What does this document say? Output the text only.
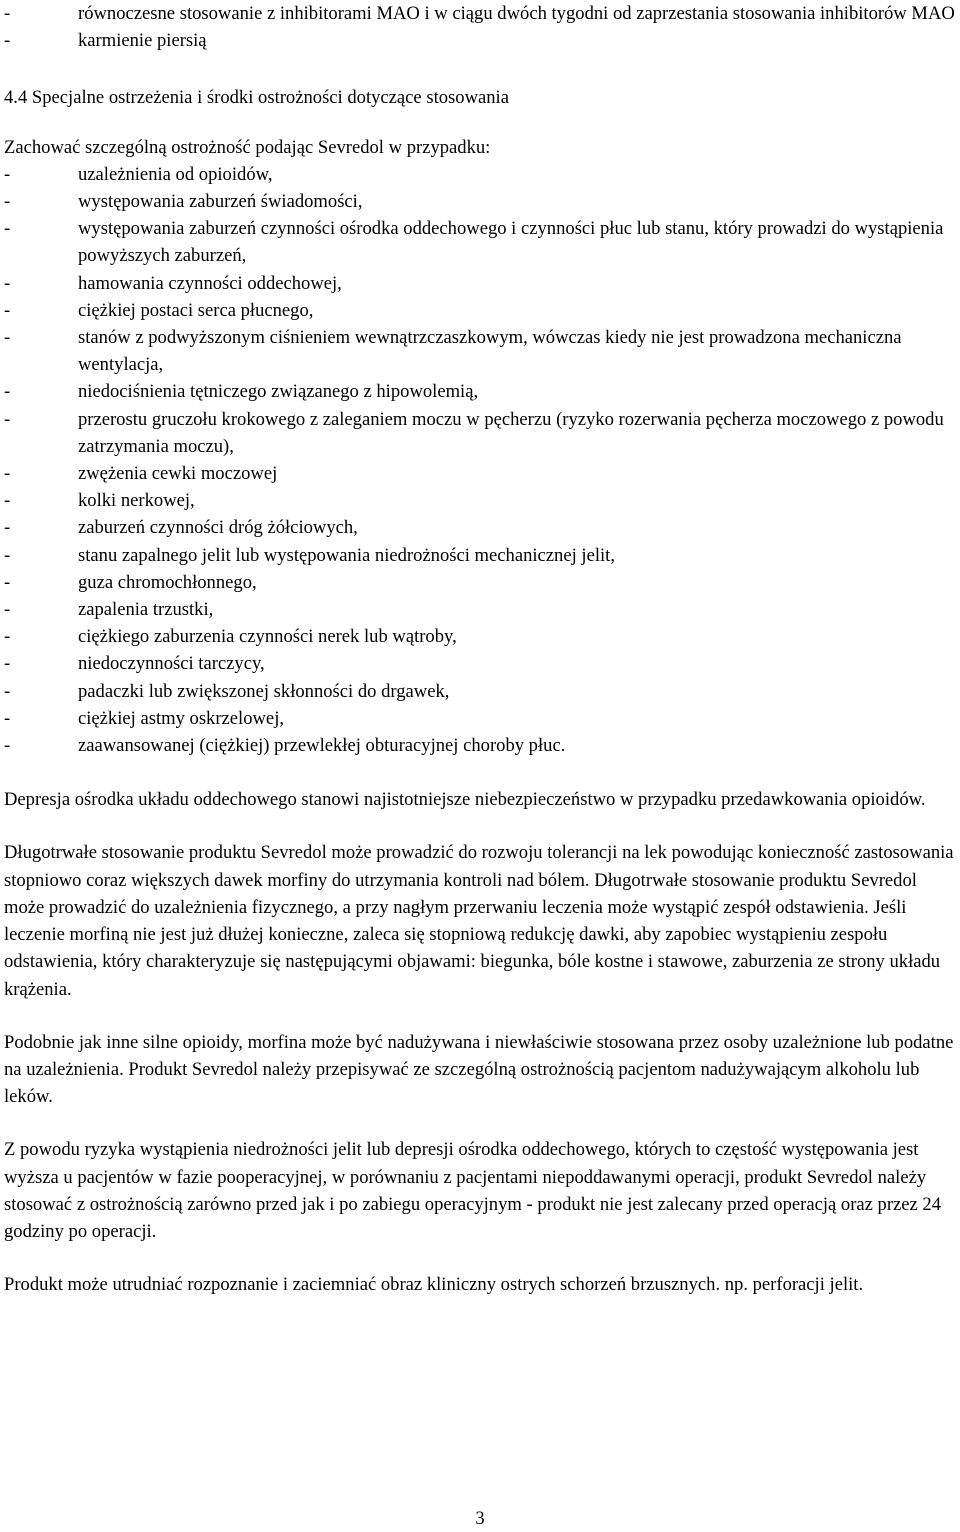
-	równoczesne stosowanie z inhibitorami MAO i w ciągu dwóch tygodni od zaprzestania stosowania inhibitorów MAO
-	karmienie piersią
4.4 Specjalne ostrzeżenia i środki ostrożności dotyczące stosowania
Zachować szczególną ostrożność podając Sevredol w przypadku:
-	uzależnienia od opioidów,
-	występowania zaburzeń świadomości,
-	występowania zaburzeń czynności ośrodka oddechowego i czynności płuc lub stanu, który prowadzi do wystąpienia powyższych zaburzeń,
-	hamowania czynności oddechowej,
-	ciężkiej postaci serca płucnego,
-	stanów z podwyższonym ciśnieniem wewnątrzczaszkowym, wówczas kiedy nie jest prowadzona mechaniczna wentylacja,
-	niedociśnienia tętniczego związanego z hipowolemią,
-	przerostu gruczołu krokowego z zaleganiem moczu w pęcherzu (ryzyko rozerwania pęcherza moczowego z powodu zatrzymania moczu),
-	zwężenia cewki moczowej
-	kolki nerkowej,
-	zaburzeń czynności dróg żółciowych,
-	stanu zapalnego jelit lub występowania niedrożności mechanicznej jelit,
-	guza chromochłonnego,
-	zapalenia trzustki,
-	ciężkiego zaburzenia czynności nerek lub wątroby,
-	niedoczynności tarczycy,
-	padaczki lub zwiększonej skłonności do drgawek,
-	ciężkiej astmy oskrzelowej,
-	zaawansowanej (ciężkiej) przewlekłej obturacyjnej choroby płuc.

Depresja ośrodka układu oddechowego stanowi najistotniejsze niebezpieczeństwo w przypadku przedawkowania opioidów.

Długotrwałe stosowanie produktu Sevredol może prowadzić do rozwoju tolerancji na lek powodując konieczność zastosowania stopniowo coraz większych dawek morfiny do utrzymania kontroli nad bólem. Długotrwałe stosowanie produktu Sevredol może prowadzić do uzależnienia fizycznego, a przy nagłym przerwaniu leczenia może wystąpić zespół odstawienia. Jeśli leczenie morfiną nie jest już dłużej konieczne, zaleca się stopniową redukcję dawki, aby zapobiec wystąpieniu zespołu odstawienia, który charakteryzuje się następującymi objawami: biegunka, bóle kostne i stawowe, zaburzenia ze strony układu krążenia.

Podobnie jak inne silne opioidy, morfina może być nadużywana i niewłaściwie stosowana przez osoby uzależnione lub podatne na uzależnienia. Produkt Sevredol należy przepisywać ze szczególną ostrożnością pacjentom nadużywającym alkoholu lub leków.

Z powodu ryzyka wystąpienia niedrożności jelit lub depresji ośrodka oddechowego, których to częstość występowania jest wyższa u pacjentów w fazie pooperacyjnej, w porównaniu z pacjentami niepoddawanymi operacji, produkt Sevredol należy stosować z ostrożnością zarówno przed jak i po zabiegu operacyjnym - produkt nie jest zalecany przed operacją oraz przez 24 godziny po operacji.

Produkt może utrudniać rozpoznanie i zaciemniać obraz kliniczny ostrych schorzeń brzusznych. np. perforacji jelit.

3
